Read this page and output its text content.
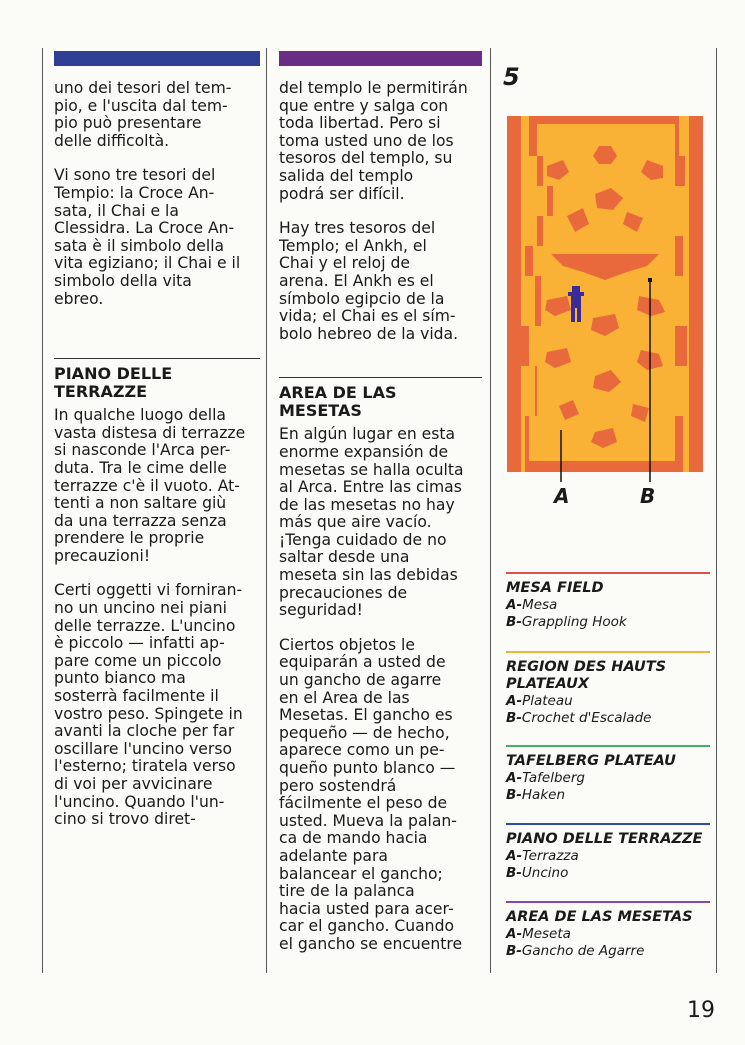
uno dei tesori del tem-
pio, e l'uscita dal tem-
pio può presentare
delle difficoltà.

Vi sono tre tesori del
Tempio: la Croce An-
sata, il Chai e la
Clessidra. La Croce An-
sata è il simbolo della
vita egiziano; il Chai e il
simbolo della vita
ebreo.

PIANO DELLE
TERRAZZE

In qualche luogo della
vasta distesa di terrazze
si nasconde l'Arca per-
duta. Tra le cime delle
terrazze c'è il vuoto. At-
tenti a non saltare giù
da una terrazza senza
prendere le proprie
precauzioni!

Certi oggetti vi forniran-
no un uncino nei piani
delle terrazze. L'uncino
è piccolo — infatti ap-
pare come un piccolo
punto bianco ma
sosterrà facilmente il
vostro peso. Spingete in
avanti la cloche per far
oscillare l'uncino verso
l'esterno; tiratela verso
di voi per avvicinare
l'uncino. Quando l'un-
cino si trovo diret-

del templo le permitirán
que entre y salga con
toda libertad. Pero si
toma usted uno de los
tesoros del templo, su
salida del templo
podrá ser difícil.

Hay tres tesoros del
Templo; el Ankh, el
Chai y el reloj de
arena. El Ankh es el
símbolo egipcio de la
vida; el Chai es el sím-
bolo hebreo de la vida.

AREA DE LAS MESETAS

En algún lugar en esta
enorme expansión de
mesetas se halla oculta
al Arca. Entre las cimas
de las mesetas no hay
más que aire vacío.
¡Tenga cuidado de no
saltar desde una
meseta sin las debidas
precauciones de
seguridad!

Ciertos objetos le
equiparán a usted de
un gancho de agarre
en el Area de las
Mesetas. El gancho es
pequeño — de hecho,
aparece como un pe-
queño punto blanco —
pero sostendrá
fácilmente el peso de
usted. Mueva la palan-
ca de mando hacia
adelante para
balancear el gancho;
tire de la palanca
hacia usted para acer-
car el gancho. Cuando
el gancho se encuentre

5
A	B
MESA FIELD
A-Mesa
B-Grappling Hook
REGION DES HAUTS
PLATEAUX
A-Plateau
B-Crochet d'Escalade
TAFELBERG PLATEAU
A-Tafelberg
B-Haken
PIANO DELLE TERRAZZE
A-Terrazza
B-Uncino
AREA DE LAS MESETAS
A-Meseta
B-Gancho de Agarre
19
